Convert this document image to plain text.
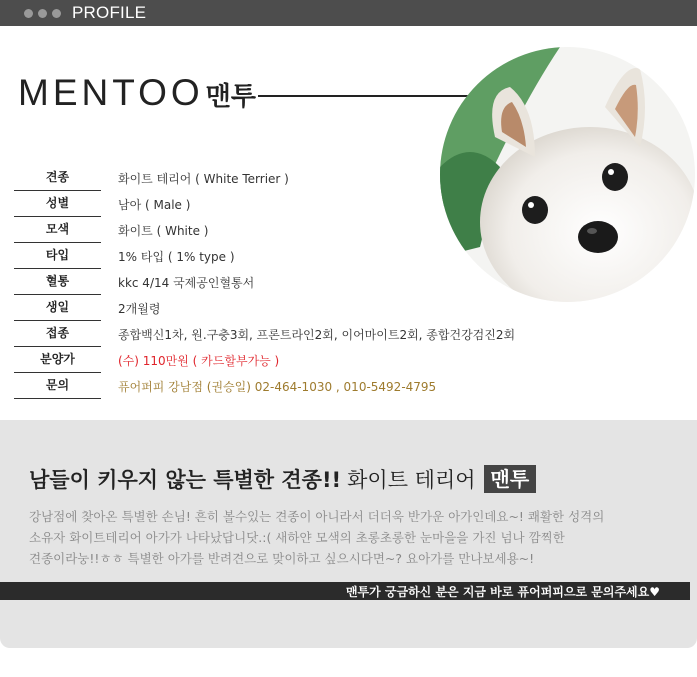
PROFILE
MENTOO 맨투
견종	화이트 테리어 ( White Terrier )
성별	남아 ( Male )
모색	화이트 ( White )
타입	1% 타입 ( 1% type )
혈통	kkc 4/14 국제공인혈통서
생일	2개월령
접종	종합백신1차, 원.구충3회, 프론트라인2회, 이어마이트2회, 종합건강검진2회
분양가	(수) 110만원 ( 카드할부가능 )
문의	퓨어퍼피 강남점 (권승일) 02-464-1030 , 010-5492-4795
남들이 키우지 않는 특별한 견종!! 화이트 테리어 맨투
강남점에 찾아온 특별한 손님! 흔히 볼수있는 견종이 아니라서 더더욱 반가운 아가인데요~! 쾌활한 성격의
소유자 화이트테리어 아가가 나타났답니닷.:( 새하얀 모색의 초롱초롱한 눈마을을 가진 넘나 깜찍한
견종이라눙!!ㅎㅎ 특별한 아가를 반려견으로 맞이하고 싶으시다면~? 요아가를 만나보세용~!
맨투가 궁금하신 분은 지금 바로 퓨어퍼피으로 문의주세요♥
